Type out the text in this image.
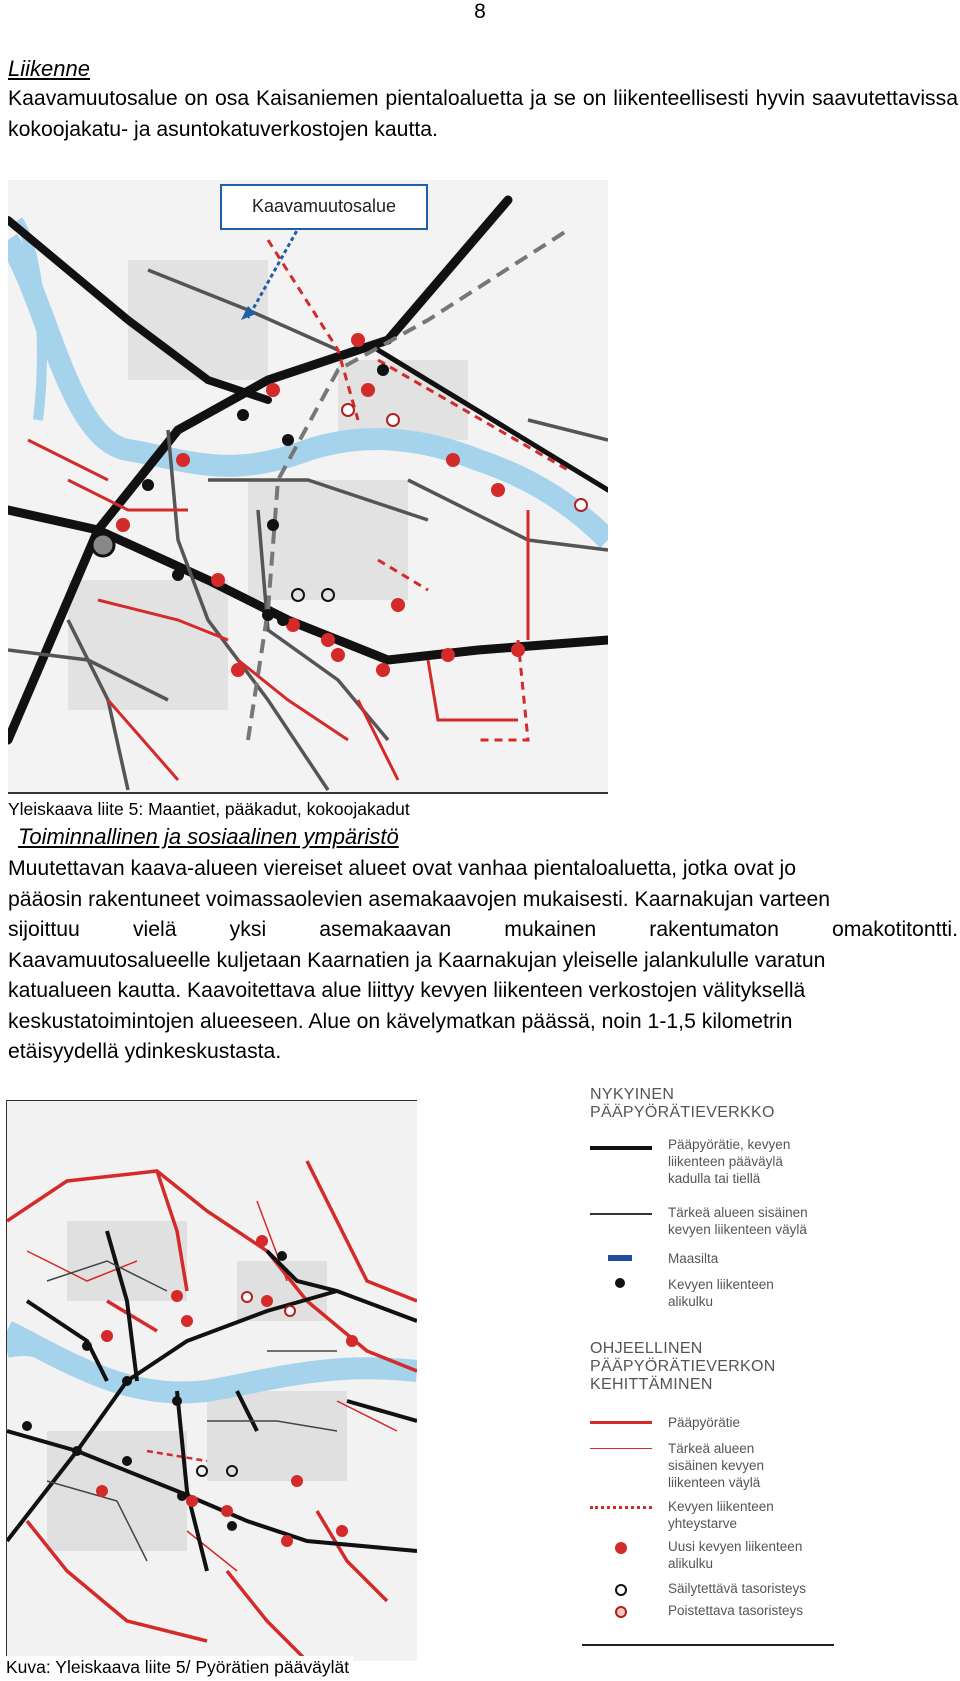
8
Liikenne
Kaavamuutosalue on osa Kaisaniemen pientaloaluetta ja se on liikenteellisesti hyvin saavutettavissa kokoojakatu- ja asuntokatuverkostojen kautta.
Kaavamuutosalue
Yleiskaava liite 5: Maantiet, pääkadut, kokoojakadut
Toiminnallinen ja sosiaalinen ympäristö
Muutettavan kaava-alueen viereiset alueet ovat vanhaa pientaloaluetta, jotka ovat jo
pääosin rakentuneet voimassaolevien asemakaavojen mukaisesti. Kaarnakujan varteen
sijoittuu vielä yksi asemakaavan mukainen rakentumaton omakotitontti.
Kaavamuutosalueelle kuljetaan Kaarnatien ja Kaarnakujan yleiselle jalankululle varatun
katualueen kautta. Kaavoitettava alue liittyy kevyen liikenteen verkostojen välityksellä
keskustatoimintojen alueeseen. Alue on kävelymatkan päässä, noin 1-1,5 kilometrin
etäisyydellä ydinkeskustasta.
Kuva: Yleiskaava liite 5/ Pyörätien pääväylät
NYKYINEN
PÄÄPYÖRÄTIEVERKKO
Pääpyörätie, kevyen
liikenteen pääväylä
kadulla tai tiellä
Tärkeä alueen sisäinen
kevyen liikenteen väylä
Maasilta
Kevyen liikenteen
alikulku
OHJEELLINEN
PÄÄPYÖRÄTIEVERKON
KEHITTÄMINEN
Pääpyörätie
Tärkeä alueen
sisäinen kevyen
liikenteen väylä
Kevyen liikenteen
yhteystarve
Uusi kevyen liikenteen
alikulku
Säilytettävä tasoristeys
Poistettava tasoristeys
